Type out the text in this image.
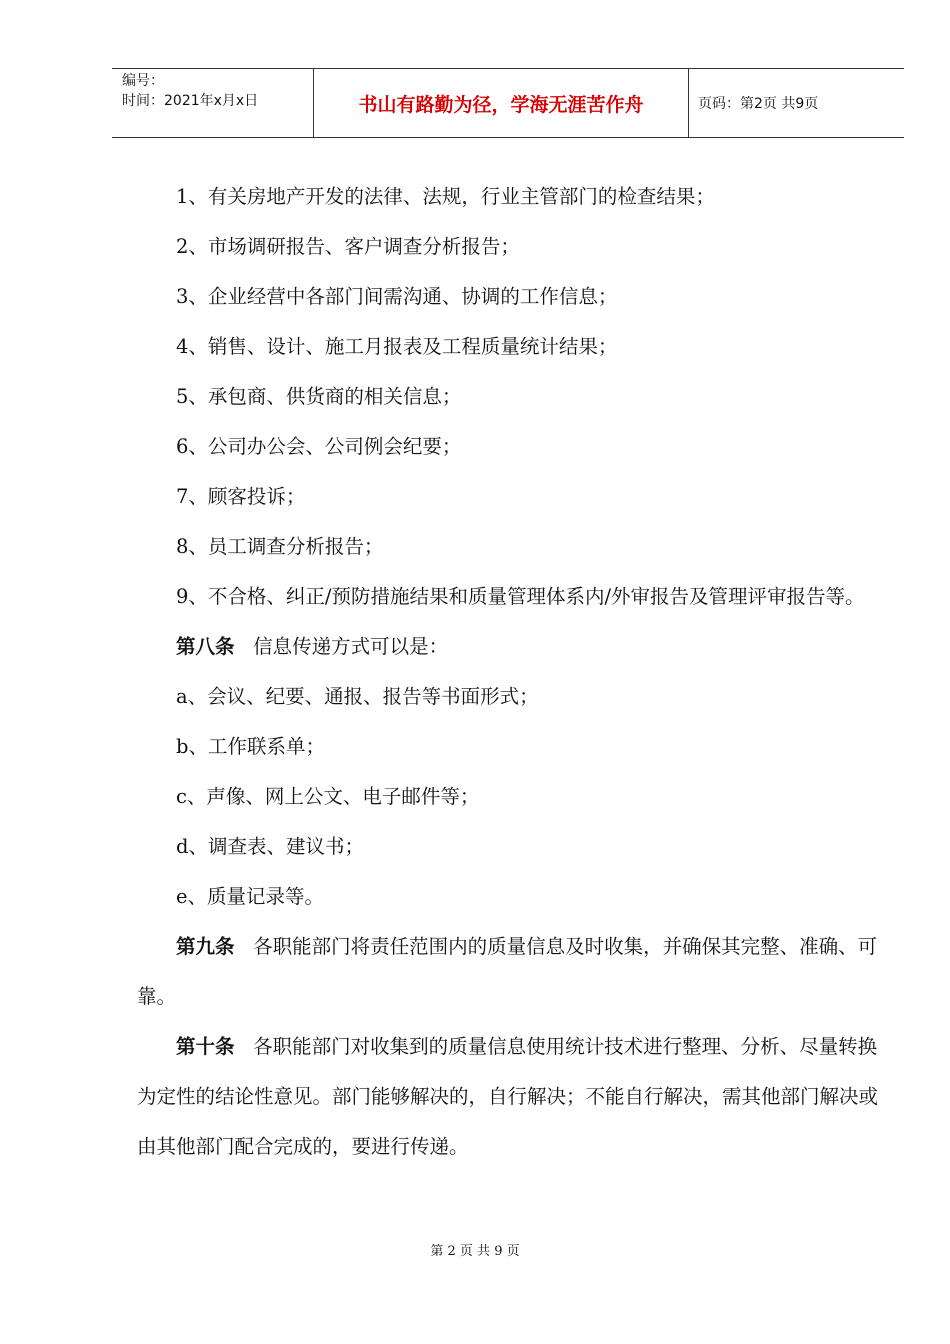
编号：
时间：2021年x月x日	书山有路勤为径，学海无涯苦作舟	页码：第2页 共9页

1、有关房地产开发的法律、法规，行业主管部门的检查结果；

2、市场调研报告、客户调查分析报告；

3、企业经营中各部门间需沟通、协调的工作信息；

4、销售、设计、施工月报表及工程质量统计结果；

5、承包商、供货商的相关信息；

6、公司办公会、公司例会纪要；

7、顾客投诉；

8、员工调查分析报告；

9、不合格、纠正/预防措施结果和质量管理体系内/外审报告及管理评审报告等。

第八条 信息传递方式可以是：

a、会议、纪要、通报、报告等书面形式；

b、工作联系单；

c、声像、网上公文、电子邮件等；

d、调查表、建议书；

e、质量记录等。

第九条 各职能部门将责任范围内的质量信息及时收集，并确保其完整、准确、可靠。

第十条 各职能部门对收集到的质量信息使用统计技术进行整理、分析、尽量转换为定性的结论性意见。部门能够解决的，自行解决；不能自行解决，需其他部门解决或由其他部门配合完成的，要进行传递。

第 2 页 共 9 页
